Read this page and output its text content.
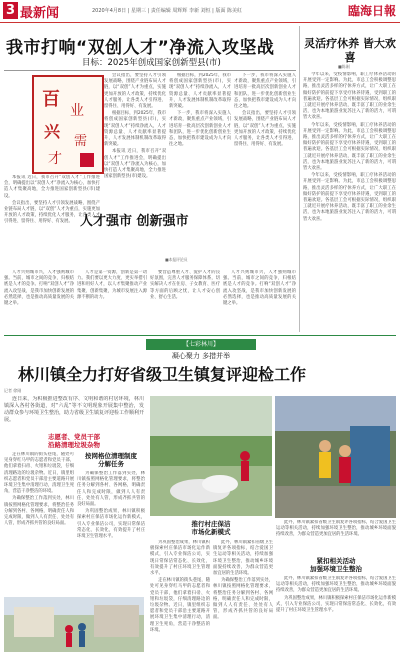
3 最新闻	2020年4月8日 | 星期三 | 责任编辑 周辉辉 李新 刘恒 | 版面 陈美紅	臨海日報
我市打响“双创人才”净流入攻坚战
目标：2025年创成国家创新型县(市)
百
业
兴
需
才

本报讯 近日，我市召开“双创人才”工作推进会，明确提出以“双创人才”净流入为核心，加快打造人才集聚高地，全力推进国家创新型县(市)建设。

会议指出，要坚持人才引领发展战略，围绕产业链布局人才链，以“双创”人才为重点，实施更加开放的人才政策，持续优化人才服务，让各类人才引得进、留得住、用得好、有发展。

会议指出，要坚持人才引领发展战略，围绕产业链布局人才链，以“双创”人才为重点，实施更加开放的人才政策，持续优化人才服务，让各类人才引得进、留得住、用得好、有发展。

根据目标，到2025年，我市将创成国家创新型县(市)，实现“双创人才”持续净流入，人才资源总量、人才贡献率显著提升，人才发展体制机制改革取得新突破。

本报讯 近日，我市召开“双创人才”工作推进会，明确提出以“双创人才”净流入为核心，加快打造人才集聚高地，全力推进国家创新型县(市)建设。

根据目标，到2025年，我市将创成国家创新型县(市)，实现“双创人才”持续净流入，人才资源总量、人才贡献率显著提升，人才发展体制机制改革取得新突破。

下一步，我市将深入实施人才新政，聚焦重点产业领域，引进培育一批高层次创新创业人才和团队，进一步优化创新创业生态，加快把我市建设成为人才向往之地。

下一步，我市将深入实施人才新政，聚焦重点产业领域，引进培育一批高层次创新创业人才和团队，进一步优化创新创业生态，加快把我市建设成为人才向往之地。

会议指出，要坚持人才引领发展战略，围绕产业链布局人才链，以“双创”人才为重点，实施更加开放的人才政策，持续优化人才服务，让各类人才引得进、留得住、用得好、有发展。

人才强市 创新强市
■本报评论员

人才兴则城市兴，人才强则城市强。当前，城市之间的竞争，归根结底是人才的竞争。打响“双创人才”净流入攻坚战，是我市加快创新发展的必然选择，也是推动高质量发展的关键之举。

人才是第一资源，创新是第一动力。我们要以更大力度、更实举措引进和用好人才，以人才集聚推动产业集聚、创新集聚，为城市发展注入源源不断的动力。

要营造尊重人才、爱护人才的良好氛围，完善人才服务保障体系，切实解决人才在住房、子女教育、医疗等方面的后顾之忧，让人才安心创业、舒心生活。

人才兴则城市兴，人才强则城市强。当前，城市之间的竞争，归根结底是人才的竞争。打响“双创人才”净流入攻坚战，是我市加快创新发展的必然选择，也是推动高质量发展的关键之举。

灵活疗休养 皆大欢喜
■陈刚

今年以来，受疫情影响，职工疗休养活动的开展受到一定影响。为此，市总工会积极调整思路，推出灵活多样的疗休养方式，让广大职工在做好防护的前提下享受疗休养待遇，受到职工的普遍欢迎。各基层工会可根据实际情况，组织职工就近开展疗休养活动，既丰富了职工的业余生活，也为本地旅游业复苏注入了新的活力，可谓皆大欢喜。

今年以来，受疫情影响，职工疗休养活动的开展受到一定影响。为此，市总工会积极调整思路，推出灵活多样的疗休养方式，让广大职工在做好防护的前提下享受疗休养待遇，受到职工的普遍欢迎。各基层工会可根据实际情况，组织职工就近开展疗休养活动，既丰富了职工的业余生活，也为本地旅游业复苏注入了新的活力，可谓皆大欢喜。

今年以来，受疫情影响，职工疗休养活动的开展受到一定影响。为此，市总工会积极调整思路，推出灵活多样的疗休养方式，让广大职工在做好防护的前提下享受疗休养待遇，受到职工的普遍欢迎。各基层工会可根据实际情况，组织职工就近开展疗休养活动，既丰富了职工的业余生活，也为本地旅游业复苏注入了新的活力，可谓皆大欢喜。

【七彩林川】
凝心聚力 多措并举
林川镇全力打好省级卫生镇复评迎检工作
记者 徐刚

连日来，为积极推进整改有序、文明和谐的村居环境，林川镇深入各村各街道，对“六乱”等不文明现象开展集中整治，发动群众参与环境卫生整治，助力省级卫生镇复评迎检工作顺利开展。

志愿者、党员干部
沿路清理垃圾杂物

走在林川镇的街头巷尾，随处可见身穿红马甲的志愿者和党员干部，他们拿着扫帚、火钳和垃圾袋，仔细清理路边的垃圾杂物。近日，镇里组织志愿者和党员干部沿主要道路开展环境卫生集中清理行动，清理卫生死角，营造干净整洁的环境。

为确保整治工作落到实处，林川镇按照网格化管理要求，将整治任务分解到各村、各网格，明确责任人和完成时限，做到人人有责任、处处有人管，形成齐抓共管的良好局面。

按网格位清理制度
分解任务

为确保整治工作落到实处，林川镇按照网格化管理要求，将整治任务分解到各村、各网格，明确责任人和完成时限，做到人人有责任、处处有人管，形成齐抓共管的良好局面。

为巩固整治成果，林川镇积极探索村庄保洁市场化运作新模式，引入专业保洁公司，实现日常保洁常态化、长效化，有效提升了村庄环境卫生管理水平。

推行村庄保洁
市场化新模式

为巩固整治成果，林川镇积极探索村庄保洁市场化运作新模式，引入专业保洁公司，实现日常保洁常态化、长效化，有效提升了村庄环境卫生管理水平。

走在林川镇的街头巷尾，随处可见身穿红马甲的志愿者和党员干部，他们拿着扫帚、火钳和垃圾袋，仔细清理路边的垃圾杂物。近日，镇里组织志愿者和党员干部沿主要道路开展环境卫生集中清理行动，清理卫生死角，营造干净整洁的环境。

此外，林川镇紧扣省级卫生镇复评各项指标，结合爱国卫生运动等相关活动，持续加强环境卫生整治，推动城乡环境面貌持续改善，为群众营造更加宜居的生活环境。

为确保整治工作落到实处，林川镇按照网格化管理要求，将整治任务分解到各村、各网格，明确责任人和完成时限，做到人人有责任、处处有人管，形成齐抓共管的良好局面。

此外，林川镇紧扣省级卫生镇复评各项指标，结合爱国卫生运动等相关活动，持续加强环境卫生整治，推动城乡环境面貌持续改善，为群众营造更加宜居的生活环境。

紧扣相关活动
加强环境卫生整治

此外，林川镇紧扣省级卫生镇复评各项指标，结合爱国卫生运动等相关活动，持续加强环境卫生整治，推动城乡环境面貌持续改善，为群众营造更加宜居的生活环境。

为巩固整治成果，林川镇积极探索村庄保洁市场化运作新模式，引入专业保洁公司，实现日常保洁常态化、长效化，有效提升了村庄环境卫生管理水平。
